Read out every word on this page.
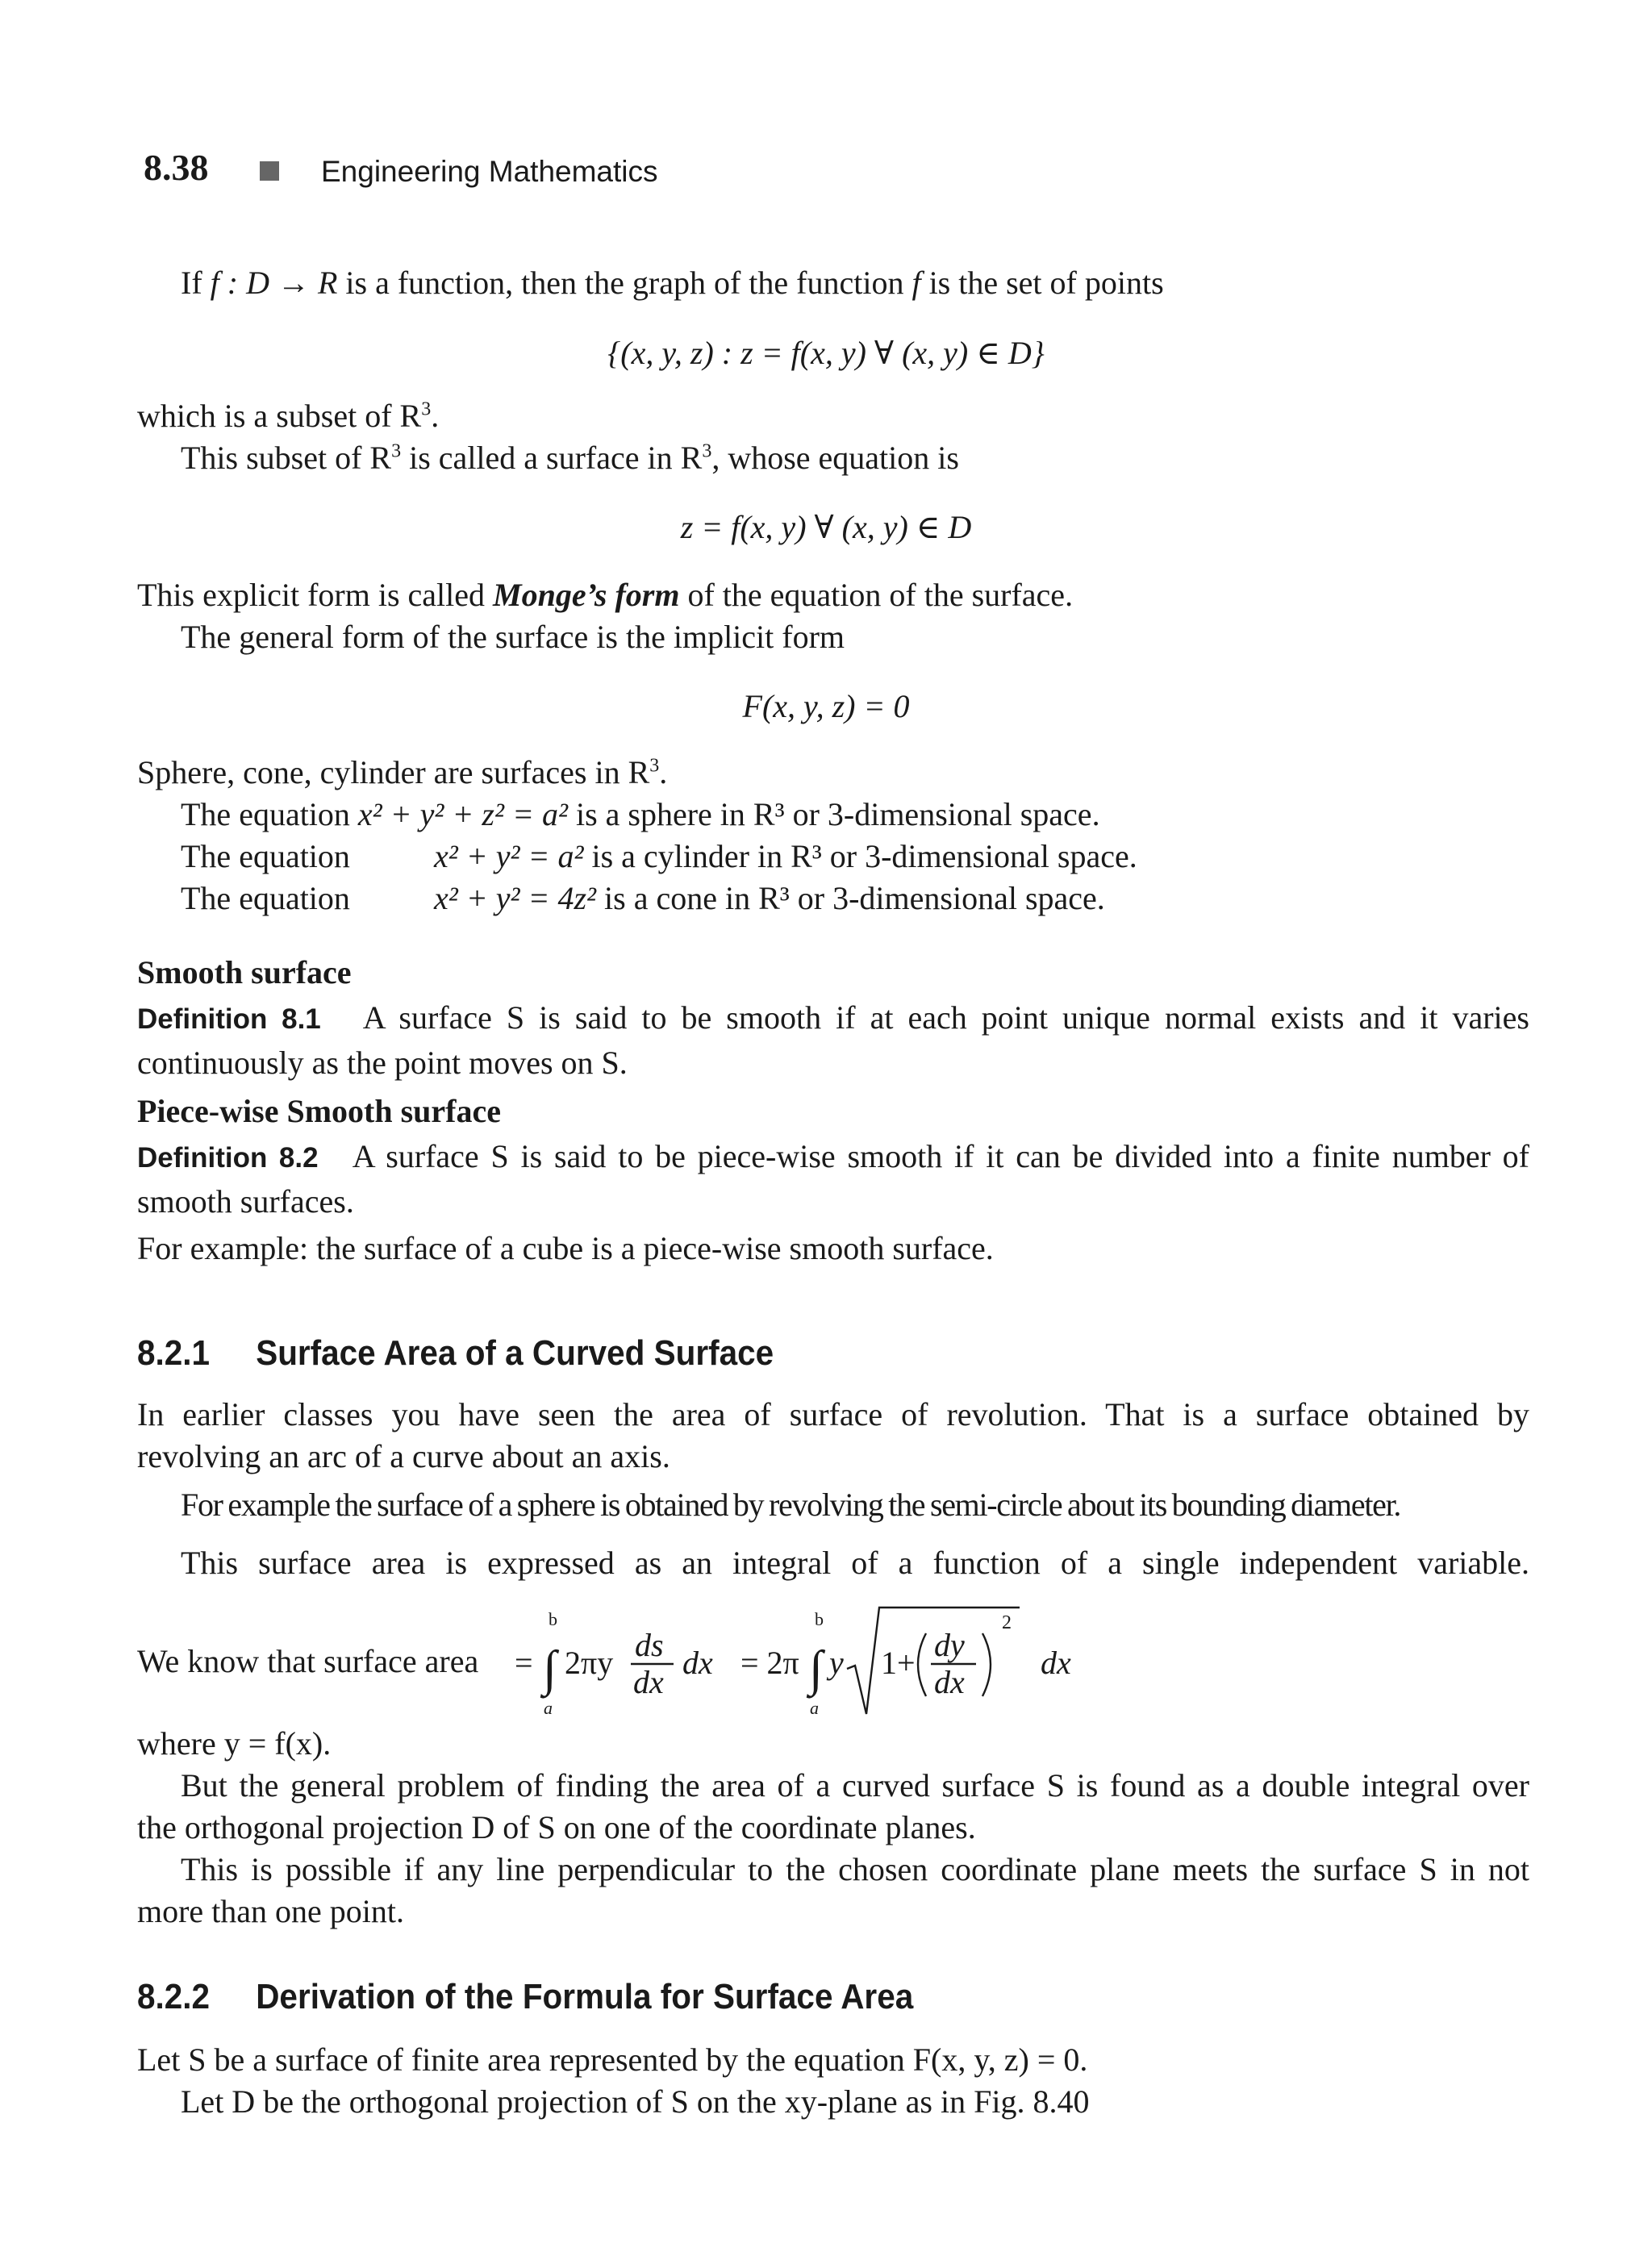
8.38	Engineering Mathematics
If f : D → R is a function, then the graph of the function f is the set of points
{(x, y, z) : z = f(x, y) ∀ (x, y) ∈ D}
which is a subset of $R^3$.
This subset of $R^3$ is called a surface in $R^3$, whose equation is
z = f(x, y) ∀ (x, y) ∈ D
This explicit form is called Monge’s form of the equation of the surface.
The general form of the surface is the implicit form
F(x, y, z) = 0
Sphere, cone, cylinder are surfaces in $R^3$.
The equation x² + y² + z² = a² is a sphere in R³ or 3-dimensional space.
The equation	x² + y² = a² is a cylinder in R³ or 3-dimensional space.
The equation	x² + y² = 4z² is a cone in R³ or 3-dimensional space.
Smooth surface
Definition 8.1 A surface S is said to be smooth if at each point unique normal exists and it varies
continuously as the point moves on S.
Piece-wise Smooth surface
Definition 8.2 A surface S is said to be piece-wise smooth if it can be divided into a finite number of
smooth surfaces.
For example: the surface of a cube is a piece-wise smooth surface.
8.2.1 Surface Area of a Curved Surface
In earlier classes you have seen the area of surface of revolution. That is a surface obtained by
revolving an arc of a curve about an axis.
For example the surface of a sphere is obtained by revolving the semi-circle about its bounding diameter.
This surface area is expressed as an integral of a function of a single independent variable.
We know that surface area =
b
∫
a
2πy ds
dx
dx = 2π
b
∫
a
y 1+ dy
dx
2
dx
where y = f(x).
But the general problem of finding the area of a curved surface S is found as a double integral over
the orthogonal projection D of S on one of the coordinate planes.
This is possible if any line perpendicular to the chosen coordinate plane meets the surface S in not
more than one point.
8.2.2 Derivation of the Formula for Surface Area
Let S be a surface of finite area represented by the equation F(x, y, z) = 0.
Let D be the orthogonal projection of S on the xy-plane as in Fig. 8.40
